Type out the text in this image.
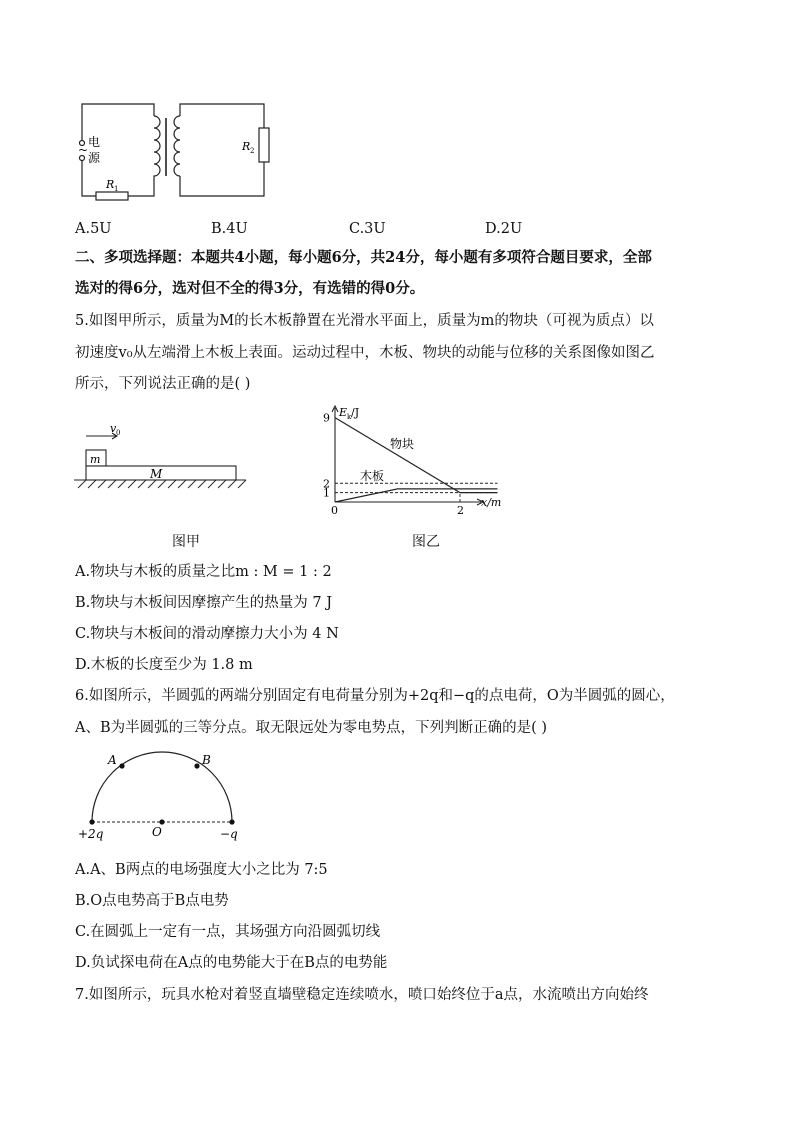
~
电
源
R 1
R 2
A.5U	B.4U	C.3U	D.2U
二、多项选择题：本题共4小题，每小题6分，共24分，每小题有多项符合题目要求，全部
选对的得6分，选对但不全的得3分，有选错的得0分。
5.如图甲所示，质量为M的长木板静置在光滑水平面上，质量为m的物块（可视为质点）以
初速度v₀从左端滑上木板上表面。运动过程中，木板、物块的动能与位移的关系图像如图乙
所示，下列说法正确的是( )
v 0
m
M
图甲
9
2
1
2
E k /J
x/m
0
物块
木板
图乙
A.物块与木板的质量之比m : M = 1 : 2
B.物块与木板间因摩擦产生的热量为 7 J
C.物块与木板间的滑动摩擦力大小为 4 N
D.木板的长度至少为 1.8 m
6.如图所示，半圆弧的两端分别固定有电荷量分别为+2q和−q的点电荷，O为半圆弧的圆心，
A、B为半圆弧的三等分点。取无限远处为零电势点，下列判断正确的是( )
A	B
+2q	O	−q
A.A、B两点的电场强度大小之比为 7:5
B.O点电势高于B点电势
C.在圆弧上一定有一点，其场强方向沿圆弧切线
D.负试探电荷在A点的电势能大于在B点的电势能
7.如图所示，玩具水枪对着竖直墙壁稳定连续喷水，喷口始终位于a点，水流喷出方向始终
